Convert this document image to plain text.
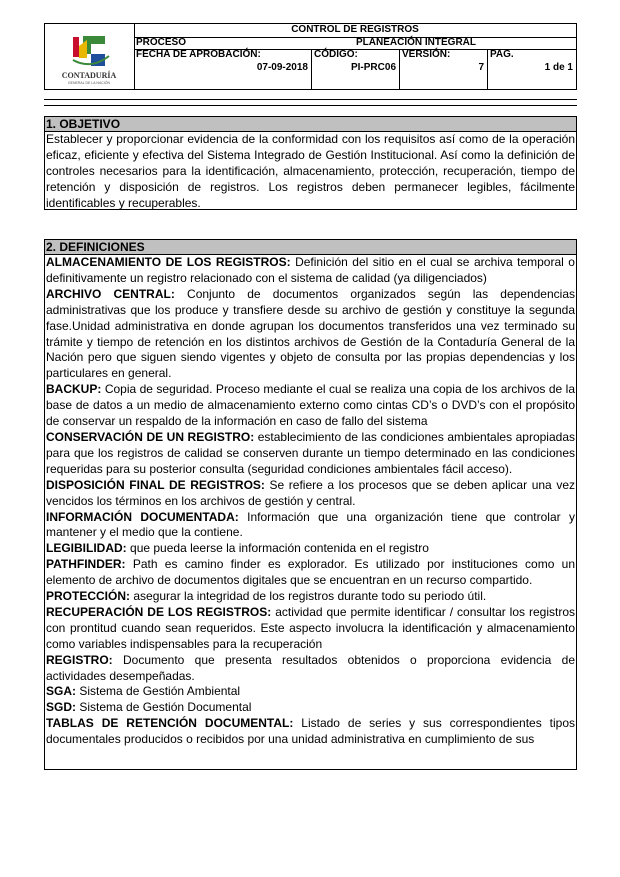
CONTADURÍA
GENERAL DE LA NACIÓN
CONTROL DE REGISTROS
PROCESO	PLANEACIÓN INTEGRAL
FECHA DE APROBACIÓN:
07-09-2018
CÓDIGO:
PI-PRC06
VERSIÓN:
7
PAG.
1 de 1
1. OBJETIVO
Establecer y proporcionar evidencia de la conformidad con los requisitos así como de la operación eficaz, eficiente y efectiva del Sistema Integrado de Gestión Institucional. Así como la definición de controles necesarios para la identificación, almacenamiento, protección, recuperación, tiempo de retención y disposición de registros. Los registros deben permanecer legibles, fácilmente identificables y recuperables.
2. DEFINICIONES

ALMACENAMIENTO DE LOS REGISTROS: Definición del sitio en el cual se archiva temporal o definitivamente un registro relacionado con el sistema de calidad (ya diligenciados)

ARCHIVO CENTRAL: Conjunto de documentos organizados según las dependencias administrativas que los produce y transfiere desde su archivo de gestión y constituye la segunda fase.Unidad administrativa en donde agrupan los documentos transferidos una vez terminado su trámite y tiempo de retención en los distintos archivos de Gestión de la Contaduría General de la Nación pero que siguen siendo vigentes y objeto de consulta por las propias dependencias y los particulares en general.

BACKUP: Copia de seguridad. Proceso mediante el cual se realiza una copia de los archivos de la base de datos a un medio de almacenamiento externo como cintas CD’s o DVD’s con el propósito de conservar un respaldo de la información en caso de fallo del sistema

CONSERVACIÓN DE UN REGISTRO: establecimiento de las condiciones ambientales apropiadas para que los registros de calidad se conserven durante un tiempo determinado en las condiciones requeridas para su posterior consulta (seguridad condiciones ambientales fácil acceso).

DISPOSICIÓN FINAL DE REGISTROS: Se refiere a los procesos que se deben aplicar una vez vencidos los términos en los archivos de gestión y central.

INFORMACIÓN DOCUMENTADA: Información que una organización tiene que controlar y mantener y el medio que la contiene.

LEGIBILIDAD: que pueda leerse la información contenida en el registro

PATHFINDER: Path es camino finder es explorador. Es utilizado por instituciones como un elemento de archivo de documentos digitales que se encuentran en un recurso compartido.

PROTECCIÓN: asegurar la integridad de los registros durante todo su periodo útil.

RECUPERACIÓN DE LOS REGISTROS: actividad que permite identificar / consultar los registros con prontitud cuando sean requeridos. Este aspecto involucra la identificación y almacenamiento como variables indispensables para la recuperación

REGISTRO: Documento que presenta resultados obtenidos o proporciona evidencia de actividades desempeñadas.

SGA: Sistema de Gestión Ambiental

SGD: Sistema de Gestión Documental

TABLAS DE RETENCIÓN DOCUMENTAL: Listado de series y sus correspondientes tipos documentales producidos o recibidos por una unidad administrativa en cumplimiento de sus
